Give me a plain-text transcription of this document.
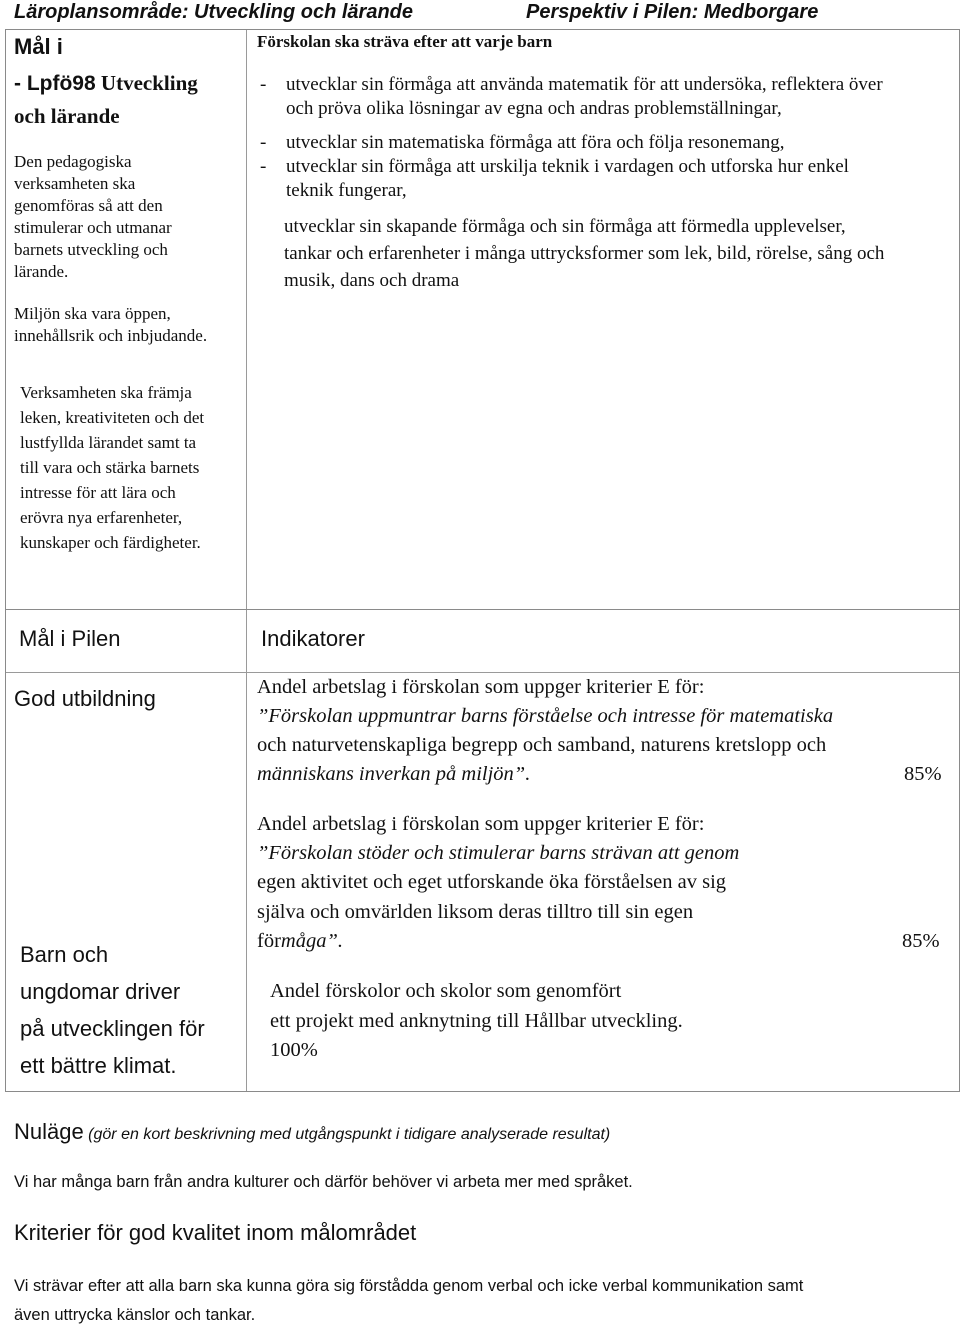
Läroplansområde: Utveckling och lärande	Perspektiv i Pilen: Medborgare
Mål i
- Lpfö98 Utveckling
och lärande
Den pedagogiska
verksamheten ska
genomföras så att den
stimulerar och utmanar
barnets utveckling och
lärande.
Miljön ska vara öppen,
innehållsrik och inbjudande.
Verksamheten ska främja
leken, kreativiteten och det
lustfyllda lärandet samt ta
till vara och stärka barnets
intresse för att lära och
erövra nya erfarenheter,
kunskaper och färdigheter.
Förskolan ska sträva efter att varje barn
- utvecklar sin förmåga att använda matematik för att undersöka, reflektera över
och pröva olika lösningar av egna och andras problemställningar,
- utvecklar sin matematiska förmåga att föra och följa resonemang,
- utvecklar sin förmåga att urskilja teknik i vardagen och utforska hur enkel
teknik fungerar,
utvecklar sin skapande förmåga och sin förmåga att förmedla upplevelser,
tankar och erfarenheter i många uttrycksformer som lek, bild, rörelse, sång och
musik, dans och drama
Mål i Pilen	Indikatorer
God utbildning
Barn och
ungdomar driver
på utvecklingen för
ett bättre klimat.
Andel arbetslag i förskolan som uppger kriterier E för:
”Förskolan uppmuntrar barns förståelse och intresse för matematiska
och naturvetenskapliga begrepp och samband, naturens kretslopp och
människans inverkan på miljön”.	85%
Andel arbetslag i förskolan som uppger kriterier E för:
”Förskolan stöder och stimulerar barns strävan att genom
egen aktivitet och eget utforskande öka förståelsen av sig
själva och omvärlden liksom deras tilltro till sin egen
förmåga”.	85%
Andel förskolor och skolor som genomfört
ett projekt med anknytning till Hållbar utveckling.
100%
Nuläge (gör en kort beskrivning med utgångspunkt i tidigare analyserade resultat)
Vi har många barn från andra kulturer och därför behöver vi arbeta mer med språket.
Kriterier för god kvalitet inom målområdet
Vi strävar efter att alla barn ska kunna göra sig förstådda genom verbal och icke verbal kommunikation samt
även uttrycka känslor och tankar.
